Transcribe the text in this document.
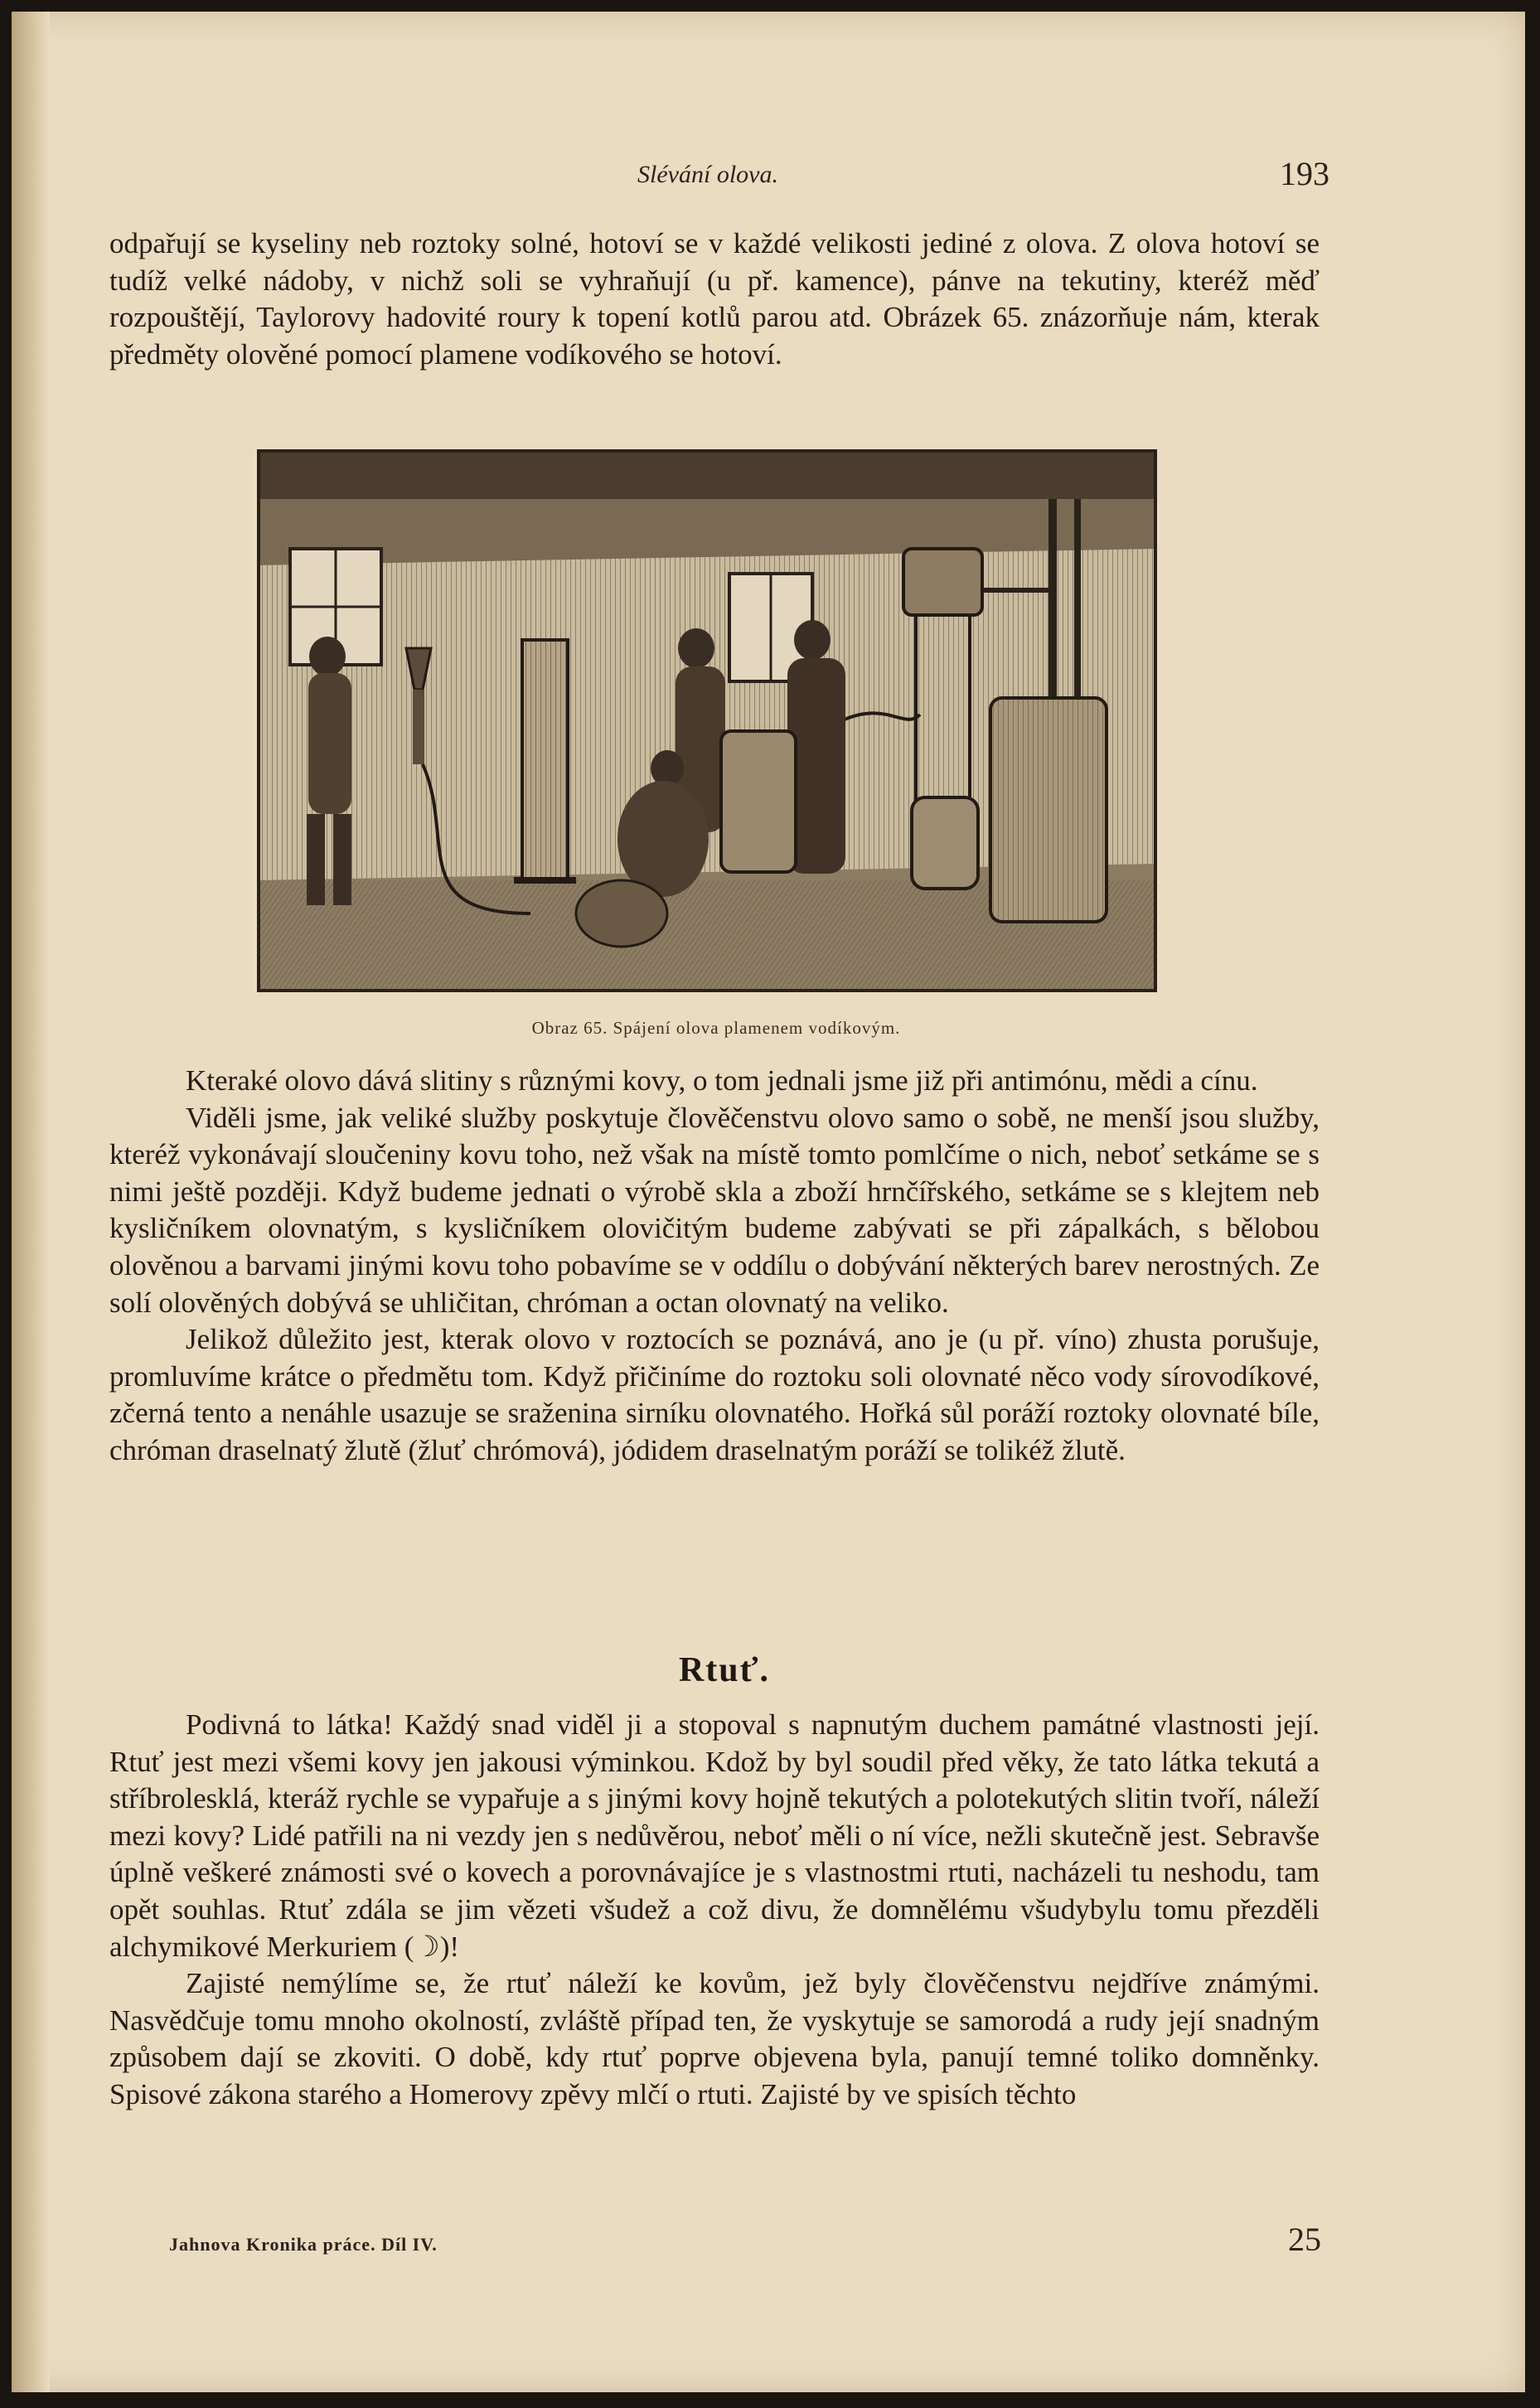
Slévání olova.	193

odpařují se kyseliny neb roztoky solné, hotoví se v každé velikosti jediné z olova. Z olova hotoví se tudíž velké nádoby, v nichž soli se vyhraňují (u př. kamence), pánve na tekutiny, kteréž měď rozpouštějí, Taylorovy hadovité roury k topení kotlů parou atd. Obrázek 65. znázorňuje nám, kterak předměty olověné pomocí plamene vodíkového se hotoví.

Obraz 65. Spájení olova plamenem vodíkovým.

Kteraké olovo dává slitiny s různými kovy, o tom jednali jsme již při antimónu, mědi a cínu.

Viděli jsme, jak veliké služby poskytuje člověčenstvu olovo samo o sobě, ne menší jsou služby, kteréž vykonávají sloučeniny kovu toho, než však na místě tomto pomlčíme o nich, neboť setkáme se s nimi ještě později. Když budeme jednati o výrobě skla a zboží hrnčířského, setkáme se s klejtem neb kysličníkem olovnatým, s kysličníkem olovičitým budeme zabývati se při zápalkách, s bělobou olověnou a barvami jinými kovu toho pobavíme se v oddílu o dobývání některých barev nerostných. Ze solí olověných dobývá se uhličitan, chróman a octan olovnatý na veliko.

Jelikož důležito jest, kterak olovo v roztocích se poznává, ano je (u př. víno) zhusta porušuje, promluvíme krátce o předmětu tom. Když přičiníme do roztoku soli olovnaté něco vody sírovodíkové, zčerná tento a nenáhle usazuje se sraženina sirníku olovnatého. Hořká sůl poráží roztoky olovnaté bíle, chróman draselnatý žlutě (žluť chrómová), jódidem draselnatým poráží se tolikéž žlutě.

Rtuť.

Podivná to látka! Každý snad viděl ji a stopoval s napnutým duchem památné vlastnosti její. Rtuť jest mezi všemi kovy jen jakousi výminkou. Kdož by byl soudil před věky, že tato látka tekutá a stříbrolesklá, kteráž rychle se vypařuje a s jinými kovy hojně tekutých a polotekutých slitin tvoří, náleží mezi kovy? Lidé patřili na ni vezdy jen s nedůvěrou, neboť měli o ní více, nežli skutečně jest. Sebravše úplně veškeré známosti své o kovech a porovnávajíce je s vlastnostmi rtuti, nacházeli tu neshodu, tam opět souhlas. Rtuť zdála se jim vězeti všudež a což divu, že domnělému všudybylu tomu přezděli alchymikové Merkuriem (☽)!

Zajisté nemýlíme se, že rtuť náleží ke kovům, jež byly člověčenstvu nejdříve známými. Nasvědčuje tomu mnoho okolností, zvláště případ ten, že vyskytuje se samorodá a rudy její snadným způsobem dají se zkoviti. O době, kdy rtuť poprve objevena byla, panují temné toliko domněnky. Spisové zákona starého a Homerovy zpěvy mlčí o rtuti. Zajisté by ve spisích těchto

Jahnova Kronika práce. Díl IV.	25
